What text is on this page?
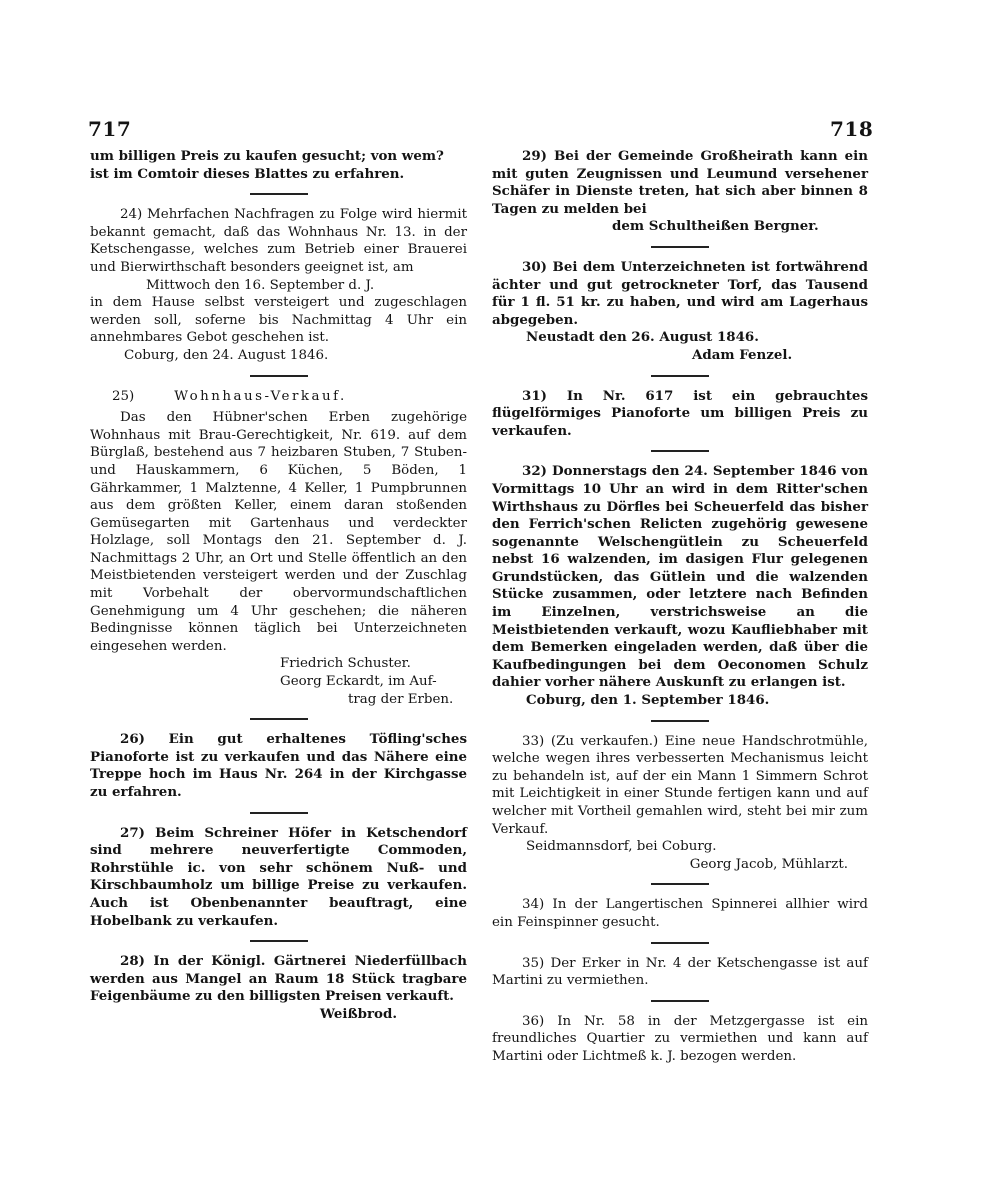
717	718

um billigen Preis zu kaufen gesucht; von wem?

ist im Comtoir dieses Blattes zu erfahren.

24) Mehrfachen Nachfragen zu Folge wird hiermit bekannt gemacht, daß das Wohnhaus Nr. 13. in der Ketschengasse, welches zum Betrieb einer Brauerei und Bierwirthschaft besonders geeignet ist, am

Mittwoch den 16. September d. J.

in dem Hause selbst versteigert und zugeschlagen werden soll, soferne bis Nachmittag 4 Uhr ein annehmbares Gebot geschehen ist.

Coburg, den 24. August 1846.

25)	Wohnhaus-Verkauf.

Das den Hübner'schen Erben zugehörige Wohnhaus mit Brau-Gerechtigkeit, Nr. 619. auf dem Bürglaß, bestehend aus 7 heizbaren Stuben, 7 Stuben- und Hauskammern, 6 Küchen, 5 Böden, 1 Gährkammer, 1 Malztenne, 4 Keller, 1 Pumpbrunnen aus dem größten Keller, einem daran stoßenden Gemüsegarten mit Gartenhaus und verdeckter Holzlage, soll Montags den 21. September d. J. Nachmittags 2 Uhr, an Ort und Stelle öffentlich an den Meistbietenden versteigert werden und der Zuschlag mit Vorbehalt der obervormundschaftlichen Genehmigung um 4 Uhr geschehen; die näheren Bedingnisse können täglich bei Unterzeichneten eingesehen werden.

Friedrich Schuster.

Georg Eckardt, im Auf-

trag der Erben.

26) Ein gut erhaltenes Töfling'sches Pianoforte ist zu verkaufen und das Nähere eine Treppe hoch im Haus Nr. 264 in der Kirchgasse zu erfahren.

27) Beim Schreiner Höfer in Ketschendorf sind mehrere neuverfertigte Commoden, Rohrstühle ic. von sehr schönem Nuß- und Kirschbaumholz um billige Preise zu verkaufen. Auch ist Obenbenannter beauftragt, eine Hobelbank zu verkaufen.

28) In der Königl. Gärtnerei Niederfüllbach werden aus Mangel an Raum 18 Stück tragbare Feigenbäume zu den billigsten Preisen verkauft.

Weißbrod.

29) Bei der Gemeinde Großheirath kann ein mit guten Zeugnissen und Leumund versehener Schäfer in Dienste treten, hat sich aber binnen 8 Tagen zu melden bei

dem Schultheißen Bergner.

30) Bei dem Unterzeichneten ist fortwährend ächter und gut getrockneter Torf, das Tausend für 1 fl. 51 kr. zu haben, und wird am Lagerhaus abgegeben.

Neustadt den 26. August 1846.

Adam Fenzel.

31) In Nr. 617 ist ein gebrauchtes flügelförmiges Pianoforte um billigen Preis zu verkaufen.

32) Donnerstags den 24. September 1846 von Vormittags 10 Uhr an wird in dem Ritter'schen Wirthshaus zu Dörfles bei Scheuerfeld das bisher den Ferrich'schen Relicten zugehörig gewesene sogenannte Welschengütlein zu Scheuerfeld nebst 16 walzenden, im dasigen Flur gelegenen Grundstücken, das Gütlein und die walzenden Stücke zusammen, oder letztere nach Befinden im Einzelnen, verstrichsweise an die Meistbietenden verkauft, wozu Kaufliebhaber mit dem Bemerken eingeladen werden, daß über die Kaufbedingungen bei dem Oeconomen Schulz dahier vorher nähere Auskunft zu erlangen ist.

Coburg, den 1. September 1846.

33) (Zu verkaufen.) Eine neue Handschrotmühle, welche wegen ihres verbesserten Mechanismus leicht zu behandeln ist, auf der ein Mann 1 Simmern Schrot mit Leichtigkeit in einer Stunde fertigen kann und auf welcher mit Vortheil gemahlen wird, steht bei mir zum Verkauf.

Seidmannsdorf, bei Coburg.

Georg Jacob, Mühlarzt.

34) In der Langertischen Spinnerei allhier wird ein Feinspinner gesucht.

35) Der Erker in Nr. 4 der Ketschengasse ist auf Martini zu vermiethen.

36) In Nr. 58 in der Metzgergasse ist ein freundliches Quartier zu vermiethen und kann auf Martini oder Lichtmeß k. J. bezogen werden.
